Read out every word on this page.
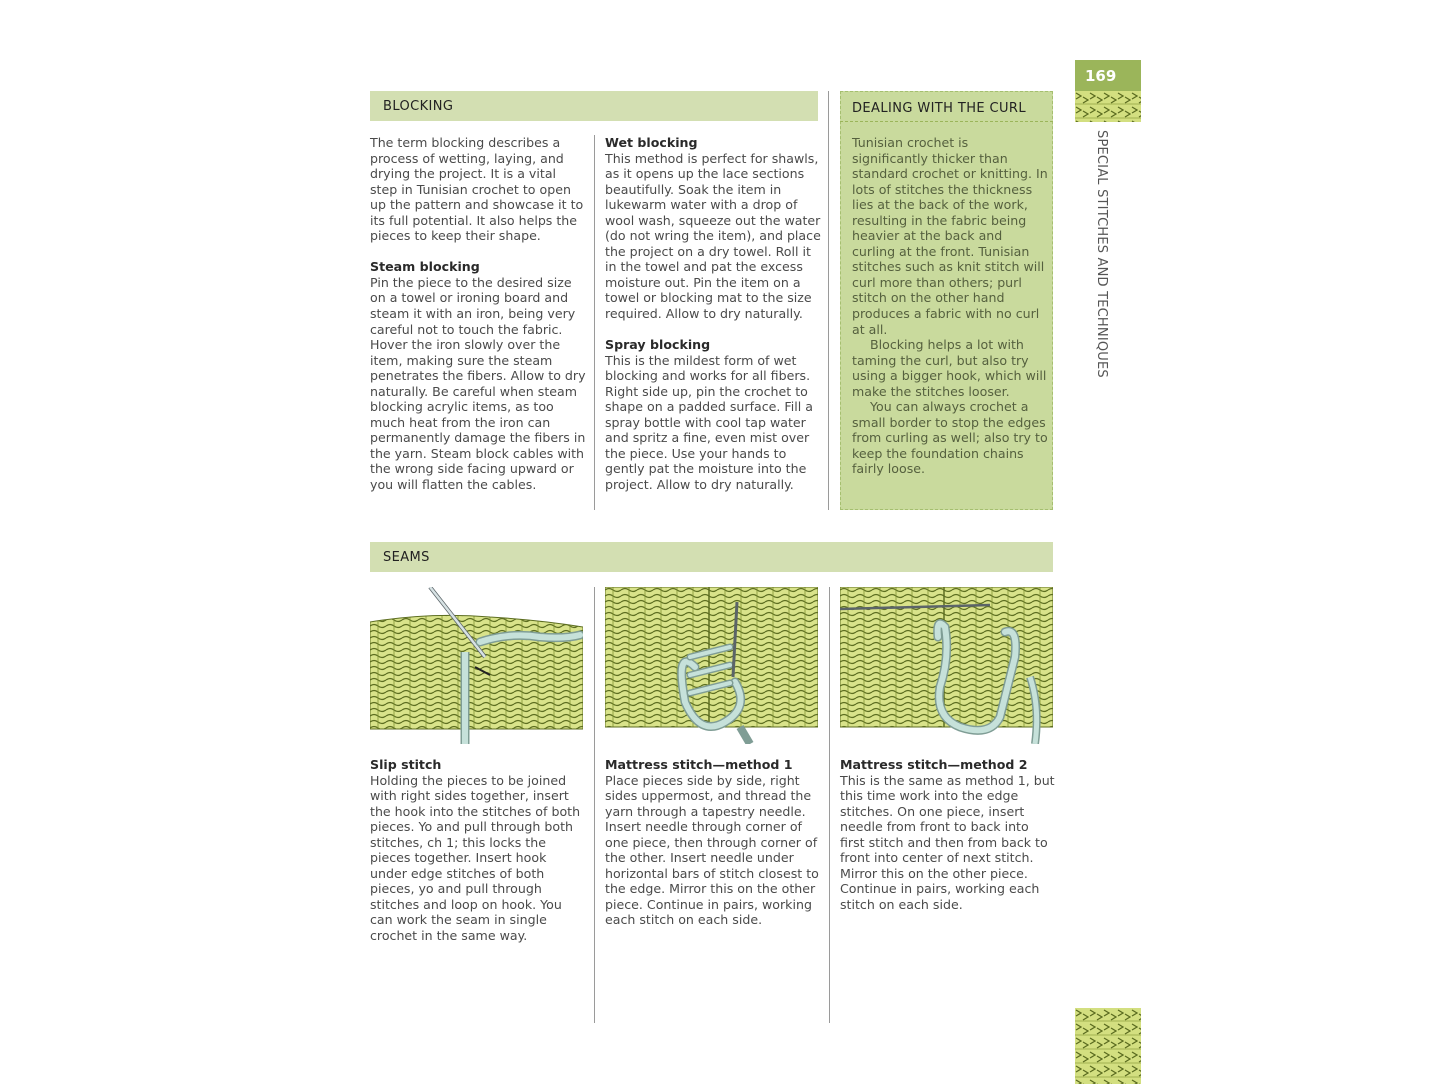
169
SPECIAL STITCHES AND TECHNIQUES
BLOCKING

The term blocking describes a process of wetting, laying, and drying the project. It is a vital step in Tunisian crochet to open up the pattern and showcase it to its full potential. It also helps the pieces to keep their shape.

Steam blocking

Pin the piece to the desired size on a towel or ironing board and steam it with an iron, being very careful not to touch the fabric. Hover the iron slowly over the item, making sure the steam penetrates the fibers. Allow to dry naturally. Be careful when steam blocking acrylic items, as too much heat from the iron can permanently damage the fibers in the yarn. Steam block cables with the wrong side facing upward or you will flatten the cables.

Wet blocking

This method is perfect for shawls, as it opens up the lace sections beautifully. Soak the item in lukewarm water with a drop of wool wash, squeeze out the water (do not wring the item), and place the project on a dry towel. Roll it in the towel and pat the excess moisture out. Pin the item on a towel or blocking mat to the size required. Allow to dry naturally.

Spray blocking

This is the mildest form of wet blocking and works for all fibers. Right side up, pin the crochet to shape on a padded surface. Fill a spray bottle with cool tap water and spritz a fine, even mist over the piece. Use your hands to gently pat the moisture into the project. Allow to dry naturally.

DEALING WITH THE CURL

Tunisian crochet is significantly thicker than standard crochet or knitting. In lots of stitches the thickness lies at the back of the work, resulting in the fabric being heavier at the back and curling at the front. Tunisian stitches such as knit stitch will curl more than others; purl stitch on the other hand produces a fabric with no curl at all.

Blocking helps a lot with taming the curl, but also try using a bigger hook, which will make the stitches looser.

You can always crochet a small border to stop the edges from curling as well; also try to keep the foundation chains fairly loose.

SEAMS
Slip stitch

Holding the pieces to be joined with right sides together, insert the hook into the stitches of both pieces. Yo and pull through both stitches, ch 1; this locks the pieces together. Insert hook under edge stitches of both pieces, yo and pull through stitches and loop on hook. You can work the seam in single crochet in the same way.

Mattress stitch—method 1

Place pieces side by side, right sides uppermost, and thread the yarn through a tapestry needle. Insert needle through corner of one piece, then through corner of the other. Insert needle under horizontal bars of stitch closest to the edge. Mirror this on the other piece. Continue in pairs, working each stitch on each side.

Mattress stitch—method 2

This is the same as method 1, but this time work into the edge stitches. On one piece, insert needle from front to back into first stitch and then from back to front into center of next stitch. Mirror this on the other piece. Continue in pairs, working each stitch on each side.
